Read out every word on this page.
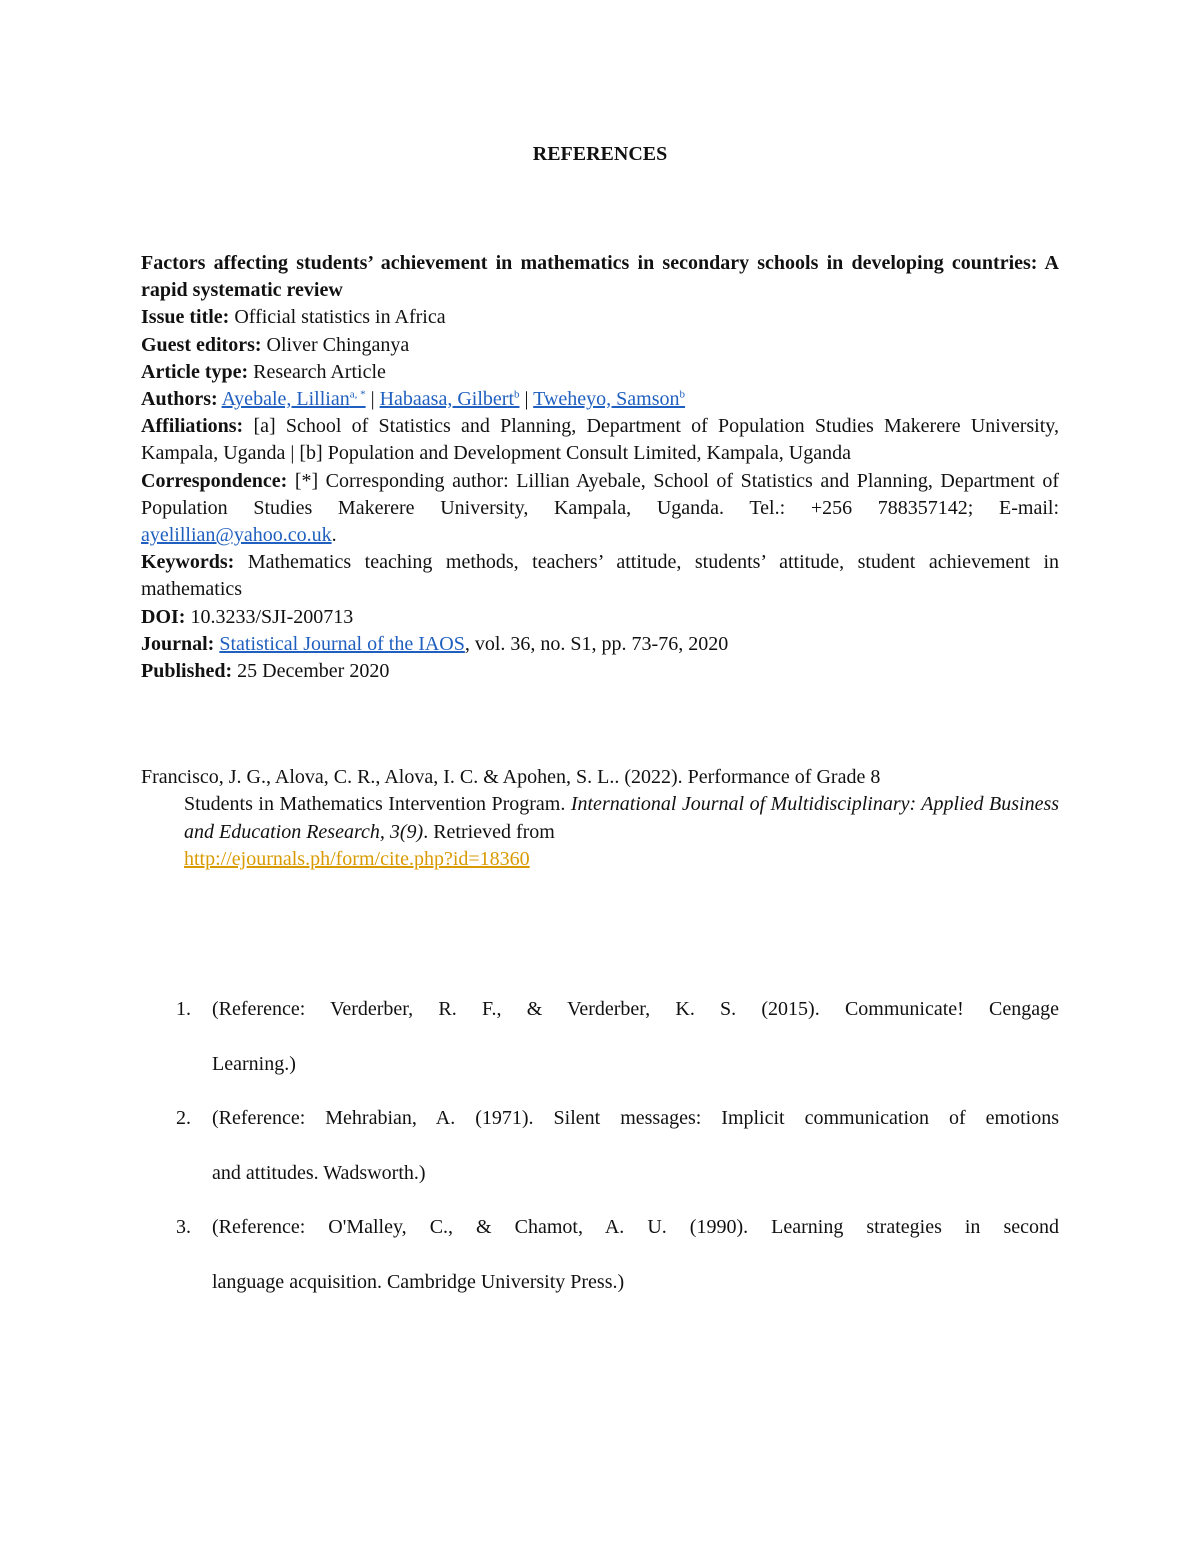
REFERENCES
Factors affecting students’ achievement in mathematics in secondary schools in developing countries: A rapid systematic review
Issue title: Official statistics in Africa
Guest editors: Oliver Chinganya
Article type: Research Article
Authors: Ayebale, Lillian$^{a, *}$ | Habaasa, Gilbert$^b$ | Tweheyo, Samson$^b$
Affiliations: [a] School of Statistics and Planning, Department of Population Studies Makerere University, Kampala, Uganda | [b] Population and Development Consult Limited, Kampala, Uganda
Correspondence: [*] Corresponding author: Lillian Ayebale, School of Statistics and Planning, Department of Population Studies Makerere University, Kampala, Uganda. Tel.: +256 788357142; E-mail: ayelillian@yahoo.co.uk.
Keywords: Mathematics teaching methods, teachers’ attitude, students’ attitude, student achievement in mathematics
DOI: 10.3233/SJI-200713
Journal: Statistical Journal of the IAOS, vol. 36, no. S1, pp. 73-76, 2020
Published: 25 December 2020
Francisco, J. G., Alova, C. R., Alova, I. C. & Apohen, S. L.. (2022). Performance of Grade 8
Students in Mathematics Intervention Program. International Journal of Multidisciplinary: Applied Business and Education Research, 3(9). Retrieved from
http://ejournals.ph/form/cite.php?id=18360
1. (Reference: Verderber, R. F., & Verderber, K. S. (2015). Communicate! Cengage
Learning.)
2. (Reference: Mehrabian, A. (1971). Silent messages: Implicit communication of emotions
and attitudes. Wadsworth.)
3. (Reference: O'Malley, C., & Chamot, A. U. (1990). Learning strategies in second
language acquisition. Cambridge University Press.)
